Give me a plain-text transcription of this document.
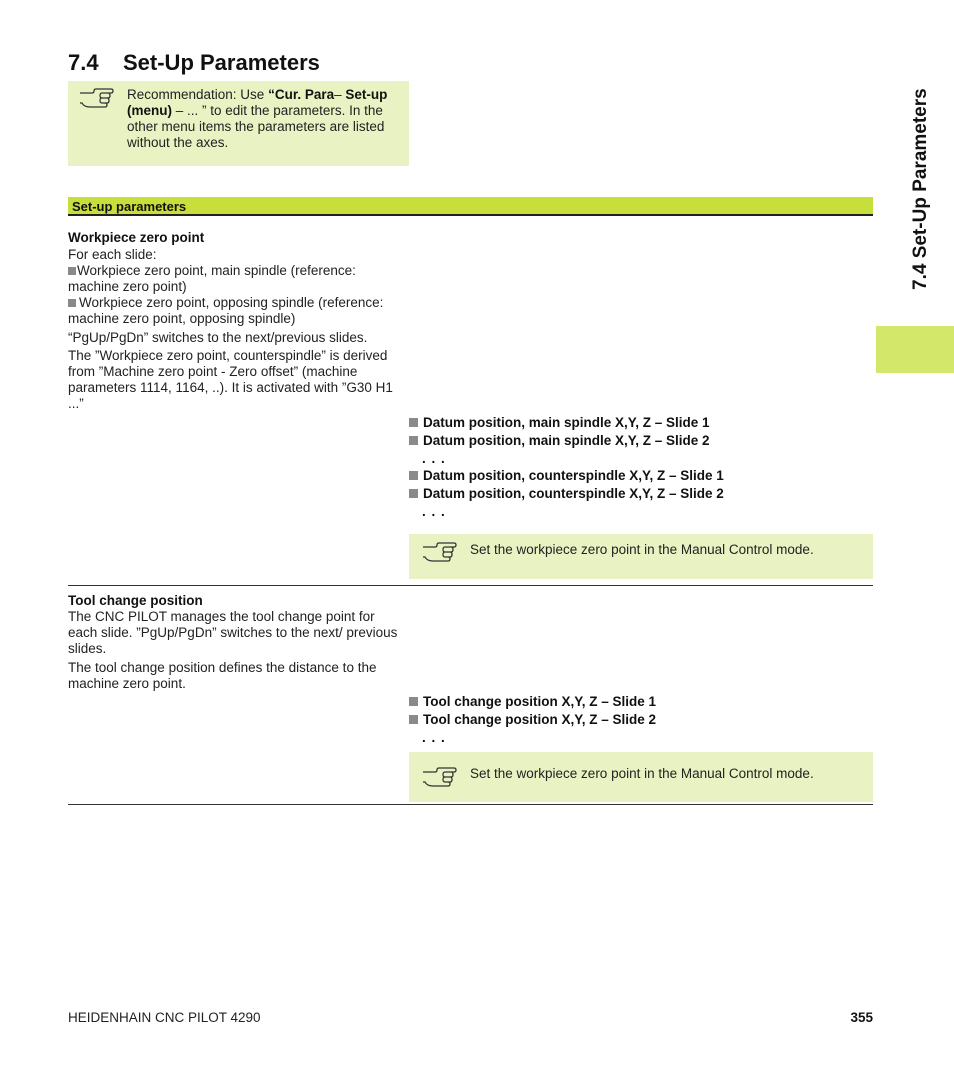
7.4 Set-Up Parameters
Recommendation: Use “Cur. Para– Set-up (menu) – ... ” to edit the parameters. In the other menu items the parameters are listed without the axes.
Set-up parameters
Workpiece zero point
For each slide:
Workpiece zero point, main spindle (reference: machine zero point)
Workpiece zero point, opposing spindle (reference: machine zero point, opposing spindle)
“PgUp/PgDn” switches to the next/previous slides.
The ”Workpiece zero point, counterspindle” is derived from ”Machine zero point - Zero offset” (machine parameters 1114, 1164, ..). It is activated with ”G30 H1 ...”
Datum position, main spindle X,Y, Z – Slide 1
Datum position, main spindle X,Y, Z – Slide 2
. . .
Datum position, counterspindle X,Y, Z – Slide 1
Datum position, counterspindle X,Y, Z – Slide 2
. . .
Set the workpiece zero point in the Manual Control mode.
Tool change position
The CNC PILOT manages the tool change point for each slide. ”PgUp/PgDn” switches to the next/ previous slides.
The tool change position defines the distance to the machine zero point.
Tool change position X,Y, Z – Slide 1
Tool change position X,Y, Z – Slide 2
. . .
Set the workpiece zero point in the Manual Control mode.
7.4 Set-Up Parameters
HEIDENHAIN CNC PILOT 4290	355
